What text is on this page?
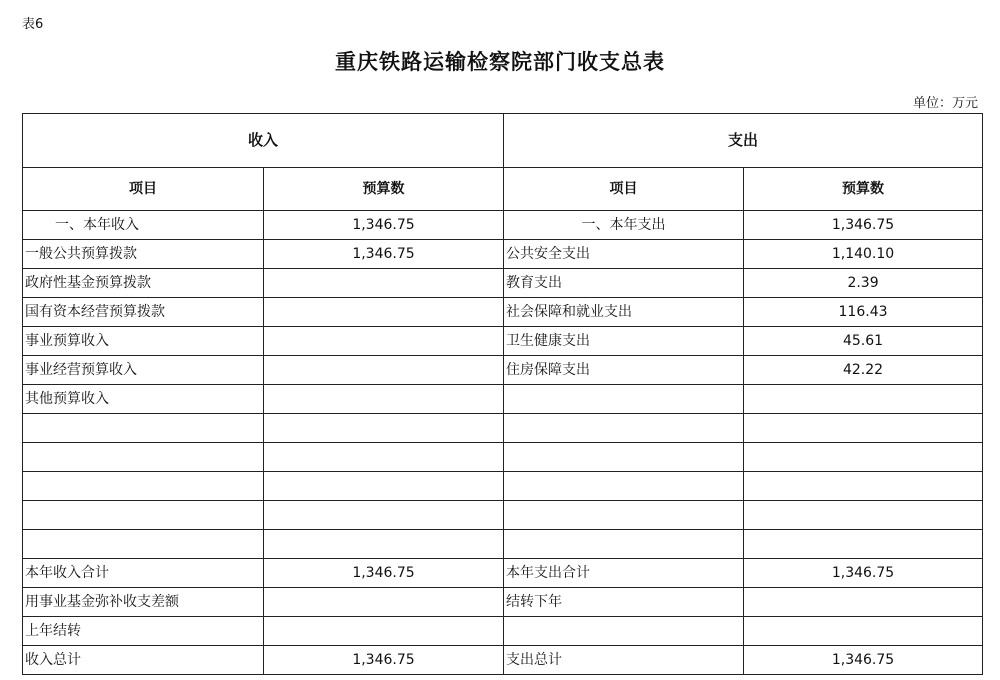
表6
重庆铁路运输检察院部门收支总表
单位：万元
收入		支出	
项目	预算数	项目	预算数
一、本年收入	1,346.75	一、本年支出	1,346.75
一般公共预算拨款	1,346.75	公共安全支出	1,140.10
政府性基金预算拨款		教育支出	2.39
国有资本经营预算拨款		社会保障和就业支出	116.43
事业预算收入		卫生健康支出	45.61
事业经营预算收入		住房保障支出	42.22
其他预算收入			

本年收入合计	1,346.75	本年支出合计	1,346.75
用事业基金弥补收支差额		结转下年	
上年结转			
收入总计	1,346.75	支出总计	1,346.75
